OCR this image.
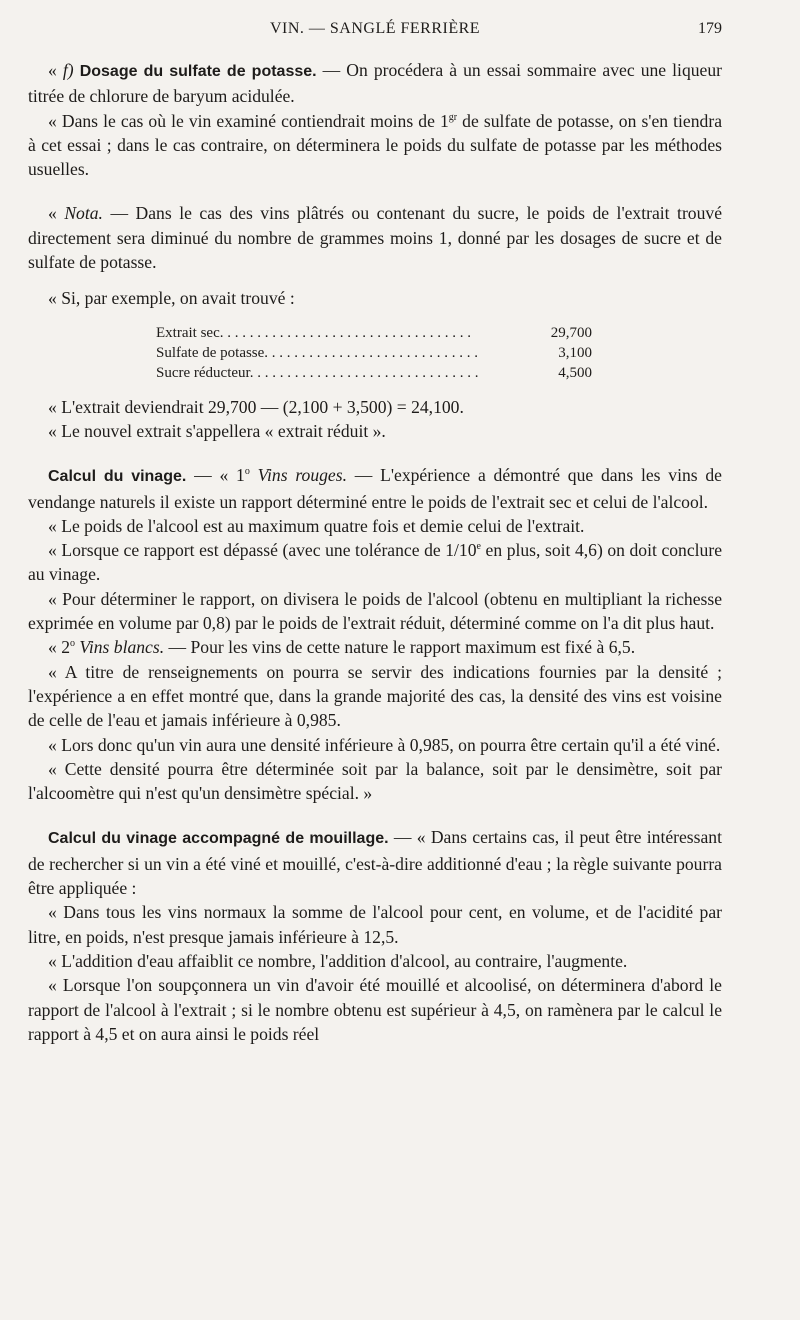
VIN. — SANGLÉ FERRIÈRE	179

« f) Dosage du sulfate de potasse. — On procédera à un essai sommaire avec une liqueur titrée de chlorure de baryum acidulée.

« Dans le cas où le vin examiné contiendrait moins de $1^{gr}$ de sulfate de potasse, on s'en tiendra à cet essai ; dans le cas contraire, on déterminera le poids du sulfate de potasse par les méthodes usuelles.

« Nota. — Dans le cas des vins plâtrés ou contenant du sucre, le poids de l'extrait trouvé directement sera diminué du nombre de grammes moins 1, donné par les dosages de sucre et de sulfate de potasse.

« Si, par exemple, on avait trouvé :

Extrait sec. . . . . . . . . . . . . . . . . . . . . . . . . . . . . . . . . .	29,700
Sulfate de potasse. . . . . . . . . . . . . . . . . . . . . . . . . . . . .	3,100
Sucre réducteur. . . . . . . . . . . . . . . . . . . . . . . . . . . . . . .	4,500

« L'extrait deviendrait 29,700 — (2,100 + 3,500) = 24,100.

« Le nouvel extrait s'appellera « extrait réduit ».

Calcul du vinage. — « 1$^o$ Vins rouges. — L'expérience a démontré que dans les vins de vendange naturels il existe un rapport déterminé entre le poids de l'extrait sec et celui de l'alcool.

« Le poids de l'alcool est au maximum quatre fois et demie celui de l'extrait.

« Lorsque ce rapport est dépassé (avec une tolérance de 1/10e en plus, soit 4,6) on doit conclure au vinage.

« Pour déterminer le rapport, on divisera le poids de l'alcool (obtenu en multipliant la richesse exprimée en volume par 0,8) par le poids de l'extrait réduit, déterminé comme on l'a dit plus haut.

« 2$^o$ Vins blancs. — Pour les vins de cette nature le rapport maximum est fixé à 6,5.

« A titre de renseignements on pourra se servir des indications fournies par la densité ; l'expérience a en effet montré que, dans la grande majorité des cas, la densité des vins est voisine de celle de l'eau et jamais inférieure à 0,985.

« Lors donc qu'un vin aura une densité inférieure à 0,985, on pourra être certain qu'il a été viné.

« Cette densité pourra être déterminée soit par la balance, soit par le densimètre, soit par l'alcoomètre qui n'est qu'un densimètre spécial. »

Calcul du vinage accompagné de mouillage. — « Dans certains cas, il peut être intéressant de rechercher si un vin a été viné et mouillé, c'est-à-dire additionné d'eau ; la règle suivante pourra être appliquée :

« Dans tous les vins normaux la somme de l'alcool pour cent, en volume, et de l'acidité par litre, en poids, n'est presque jamais inférieure à 12,5.

« L'addition d'eau affaiblit ce nombre, l'addition d'alcool, au contraire, l'augmente.

« Lorsque l'on soupçonnera un vin d'avoir été mouillé et alcoolisé, on déterminera d'abord le rapport de l'alcool à l'extrait ; si le nombre obtenu est supérieur à 4,5, on ramènera par le calcul le rapport à 4,5 et on aura ainsi le poids réel
